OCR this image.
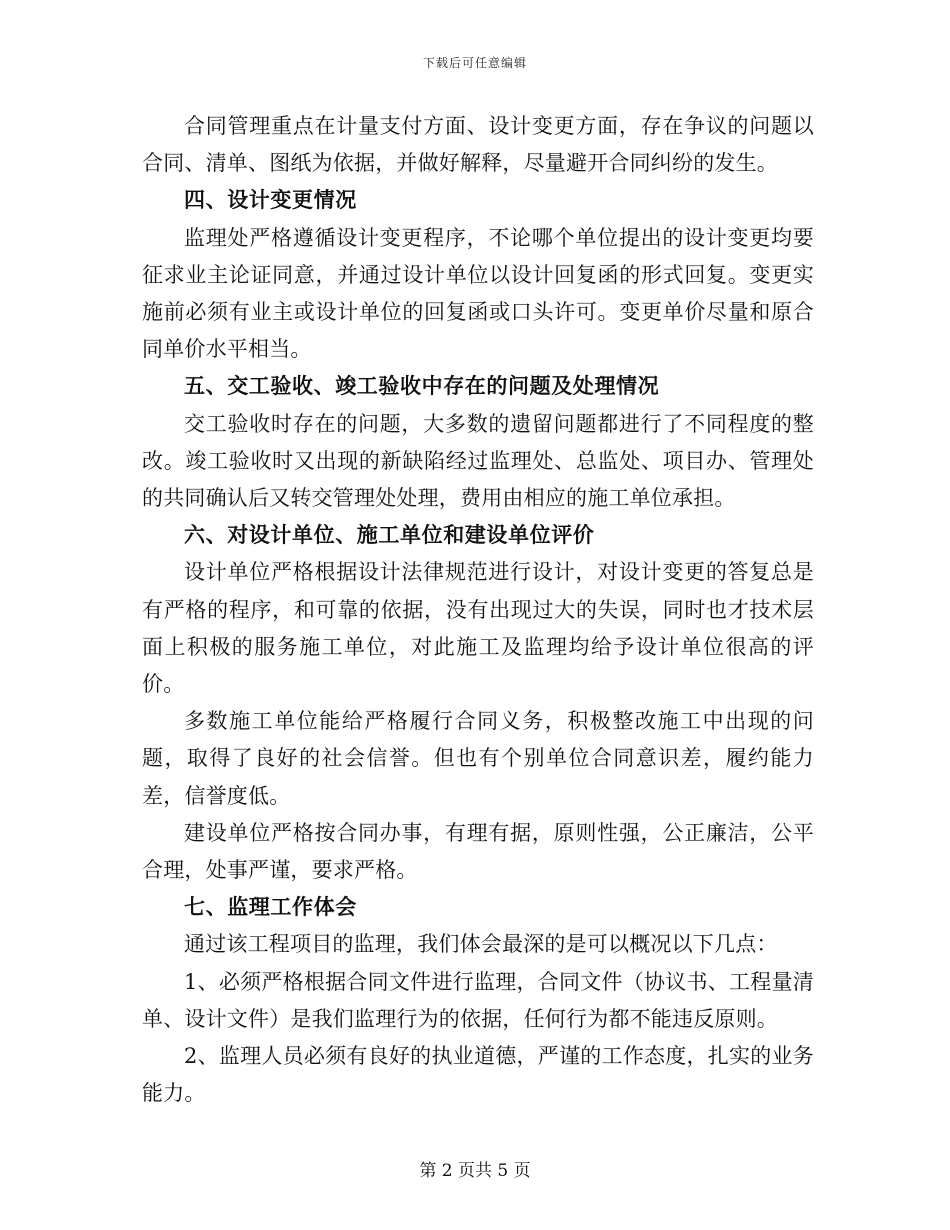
下载后可任意编辑

合同管理重点在计量支付方面、设计变更方面，存在争议的问题以合同、清单、图纸为依据，并做好解释，尽量避开合同纠纷的发生。

四、设计变更情况

监理处严格遵循设计变更程序，不论哪个单位提出的设计变更均要征求业主论证同意，并通过设计单位以设计回复函的形式回复。变更实施前必须有业主或设计单位的回复函或口头许可。变更单价尽量和原合同单价水平相当。

五、交工验收、竣工验收中存在的问题及处理情况

交工验收时存在的问题，大多数的遗留问题都进行了不同程度的整改。竣工验收时又出现的新缺陷经过监理处、总监处、项目办、管理处的共同确认后又转交管理处处理，费用由相应的施工单位承担。

六、对设计单位、施工单位和建设单位评价

设计单位严格根据设计法律规范进行设计，对设计变更的答复总是有严格的程序，和可靠的依据，没有出现过大的失误，同时也才技术层面上积极的服务施工单位，对此施工及监理均给予设计单位很高的评价。

多数施工单位能给严格履行合同义务，积极整改施工中出现的问题，取得了良好的社会信誉。但也有个别单位合同意识差，履约能力差，信誉度低。

建设单位严格按合同办事，有理有据，原则性强，公正廉洁，公平合理，处事严谨，要求严格。

七、监理工作体会

通过该工程项目的监理，我们体会最深的是可以概况以下几点：

1、必须严格根据合同文件进行监理，合同文件（协议书、工程量清单、设计文件）是我们监理行为的依据，任何行为都不能违反原则。

2、监理人员必须有良好的执业道德，严谨的工作态度，扎实的业务能力。

第 2 页共 5 页
